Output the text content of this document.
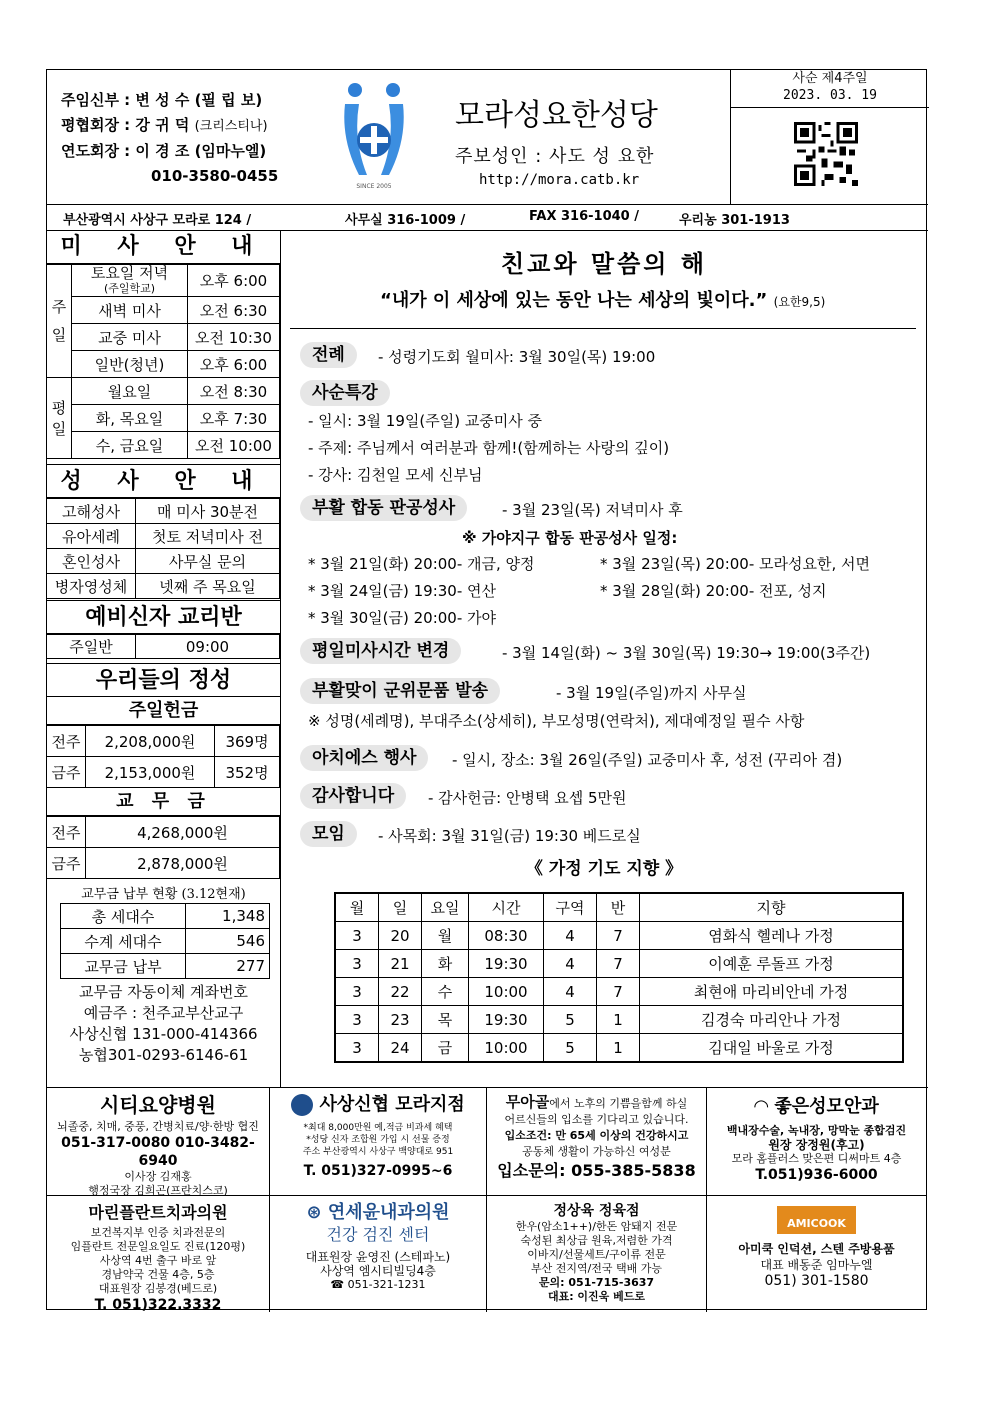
주임신부 : 변 성 수 (필 립 보)
평협회장 : 강 귀 덕 (크리스티나)
연도회장 : 이 경 조 (임마누엘)
010-3580-0455
SINCE 2005
모라성요한성당
주보성인 : 사도 성 요한
http://mora.catb.kr
사순 제4주일
2023. 03. 19
부산광역시 사상구 모라로 124 /	사무실 316-1009 /	FAX 316-1040 /	우리농 301-1913
미 사 안 내
주일	토요일 저녁
(주일학교)	오후 6:00
	새벽 미사	오전 6:30
	교중 미사	오전 10:30
	일반(청년)	오후 6:00
평일	월요일	오전 8:30
	화, 목요일	오후 7:30
	수, 금요일	오전 10:00
성 사 안 내
고해성사	매 미사 30분전
유아세례	첫토 저녁미사 전
혼인성사	사무실 문의
병자영성체	넷째 주 목요일
예비신자 교리반
주일반	09:00
우리들의 정성
주일헌금
전주	2,208,000원	369명
금주	2,153,000원	352명
교 무 금
전주	4,268,000원
금주	2,878,000원
교무금 납부 현황 (3.12현재)
총 세대수	1,348
수계 세대수	546
교무금 납부	277
교무금 자동이체 계좌번호
예금주 : 천주교부산교구
사상신협 131-000-414366
농협301-0293-6146-61
친교와 말씀의 해
“내가 이 세상에 있는 동안 나는 세상의 빛이다.” (요한9,5)
전례	- 성령기도회 월미사: 3월 30일(목) 19:00
사순특강
- 일시: 3월 19일(주일) 교중미사 중
- 주제: 주님께서 여러분과 함께!(함께하는 사랑의 깊이)
- 강사: 김천일 모세 신부님
부활 합동 판공성사	- 3월 23일(목) 저녁미사 후
※ 가야지구 합동 판공성사 일정:
* 3월 21일(화) 20:00- 개금, 양정	* 3월 23일(목) 20:00- 모라성요한, 서면
* 3월 24일(금) 19:30- 연산	* 3월 28일(화) 20:00- 전포, 성지
* 3월 30일(금) 20:00- 가야
평일미사시간 변경	- 3월 14일(화) ~ 3월 30일(목) 19:30→ 19:00(3주간)
부활맞이 군위문품 발송	- 3월 19일(주일)까지 사무실
※ 성명(세례명), 부대주소(상세히), 부모성명(연락처), 제대예정일 필수 사항
아치에스 행사	- 일시, 장소: 3월 26일(주일) 교중미사 후, 성전 (꾸리아 겸)
감사합니다	- 감사헌금: 안병택 요셉 5만원
모임	- 사목회: 3월 31일(금) 19:30 베드로실
《 가정 기도 지향 》
월	일	요일	시간	구역	반	지향
3	20	월	08:30	4	7	염화식 헬레나 가정
3	21	화	19:30	4	7	이예훈 루돌프 가정
3	22	수	10:00	4	7	최현애 마리비안네 가정
3	23	목	19:30	5	1	김경숙 마리안나 가정
3	24	금	10:00	5	1	김대일 바울로 가정
시티요양병원
뇌졸중, 치매, 중풍, 간병치료/양·한방 협진
051-317-0080 010-3482-6940
이사장 김재홍
행정국장 김희곤(프란치스코)
사상신협 모라지점
*최대 8,000만원 예,적금 비과세 혜택
*성당 신자 조합원 가입 시 선물 증정
주소 부산광역시 사상구 백양대로 951
T. 051)327-0995~6
무아골에서 노후의 기쁨을함께 하실
어르신들의 입소를 기다리고 있습니다.
입소조건: 만 65세 이상의 건강하시고
공동체 생활이 가능하신 여성분
입소문의: 055-385-5838
◠ 좋은성모안과
백내장수술, 녹내장, 망막눈 종합검진
원장 장정원(후고)
모라 홈플러스 맞은편 디써마트 4층
T.051)936-6000
마린플란트치과의원
보건복지부 인증 치과전문의
임플란트 전문일요일도 진료(120평)
사상역 4번 출구 바로 앞
경남약국 건물 4층, 5층
대표원장 김봉경(베드로)
T. 051)322.3332
⊛ 연세윤내과의원
건강 검진 센터
대표원장 윤영진 (스테파노)
사상역 엠시티빌딩4층
☎ 051-321-1231
정상육 정육점
한우(암소1++)/한돈 암돼지 전문
숙성된 최상급 원육,저렴한 가격
이바지/선물세트/구이류 전문
부산 전지역/전국 택배 가능
문의: 051-715-3637
대표: 이진욱 베드로
AMICOOK
아미쿡 인덕션, 스텐 주방용품
대표 배동준 임마누엘
051) 301-1580
